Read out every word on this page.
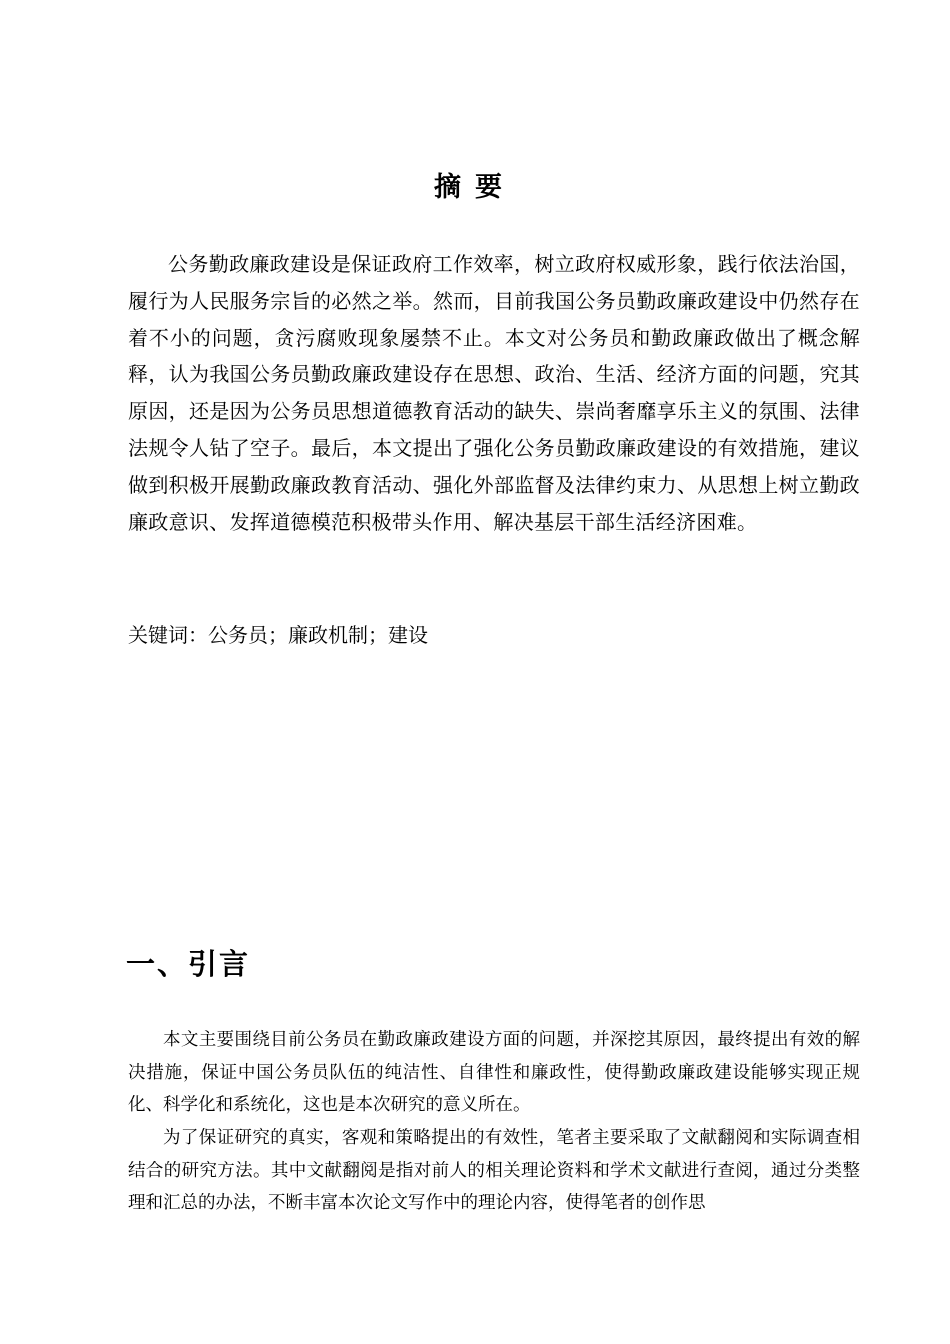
摘要

公务勤政廉政建设是保证政府工作效率，树立政府权威形象，践行依法治国，履行为人民服务宗旨的必然之举。然而，目前我国公务员勤政廉政建设中仍然存在着不小的问题，贪污腐败现象屡禁不止。本文对公务员和勤政廉政做出了概念解释，认为我国公务员勤政廉政建设存在思想、政治、生活、经济方面的问题，究其原因，还是因为公务员思想道德教育活动的缺失、崇尚奢靡享乐主义的氛围、法律法规令人钻了空子。最后，本文提出了强化公务员勤政廉政建设的有效措施，建议做到积极开展勤政廉政教育活动、强化外部监督及法律约束力、从思想上树立勤政廉政意识、发挥道德模范积极带头作用、解决基层干部生活经济困难。

关键词：公务员；廉政机制；建设

一、引言

本文主要围绕目前公务员在勤政廉政建设方面的问题，并深挖其原因，最终提出有效的解决措施，保证中国公务员队伍的纯洁性、自律性和廉政性，使得勤政廉政建设能够实现正规化、科学化和系统化，这也是本次研究的意义所在。

为了保证研究的真实，客观和策略提出的有效性，笔者主要采取了文献翻阅和实际调查相结合的研究方法。其中文献翻阅是指对前人的相关理论资料和学术文献进行查阅，通过分类整理和汇总的办法，不断丰富本次论文写作中的理论内容，使得笔者的创作思
